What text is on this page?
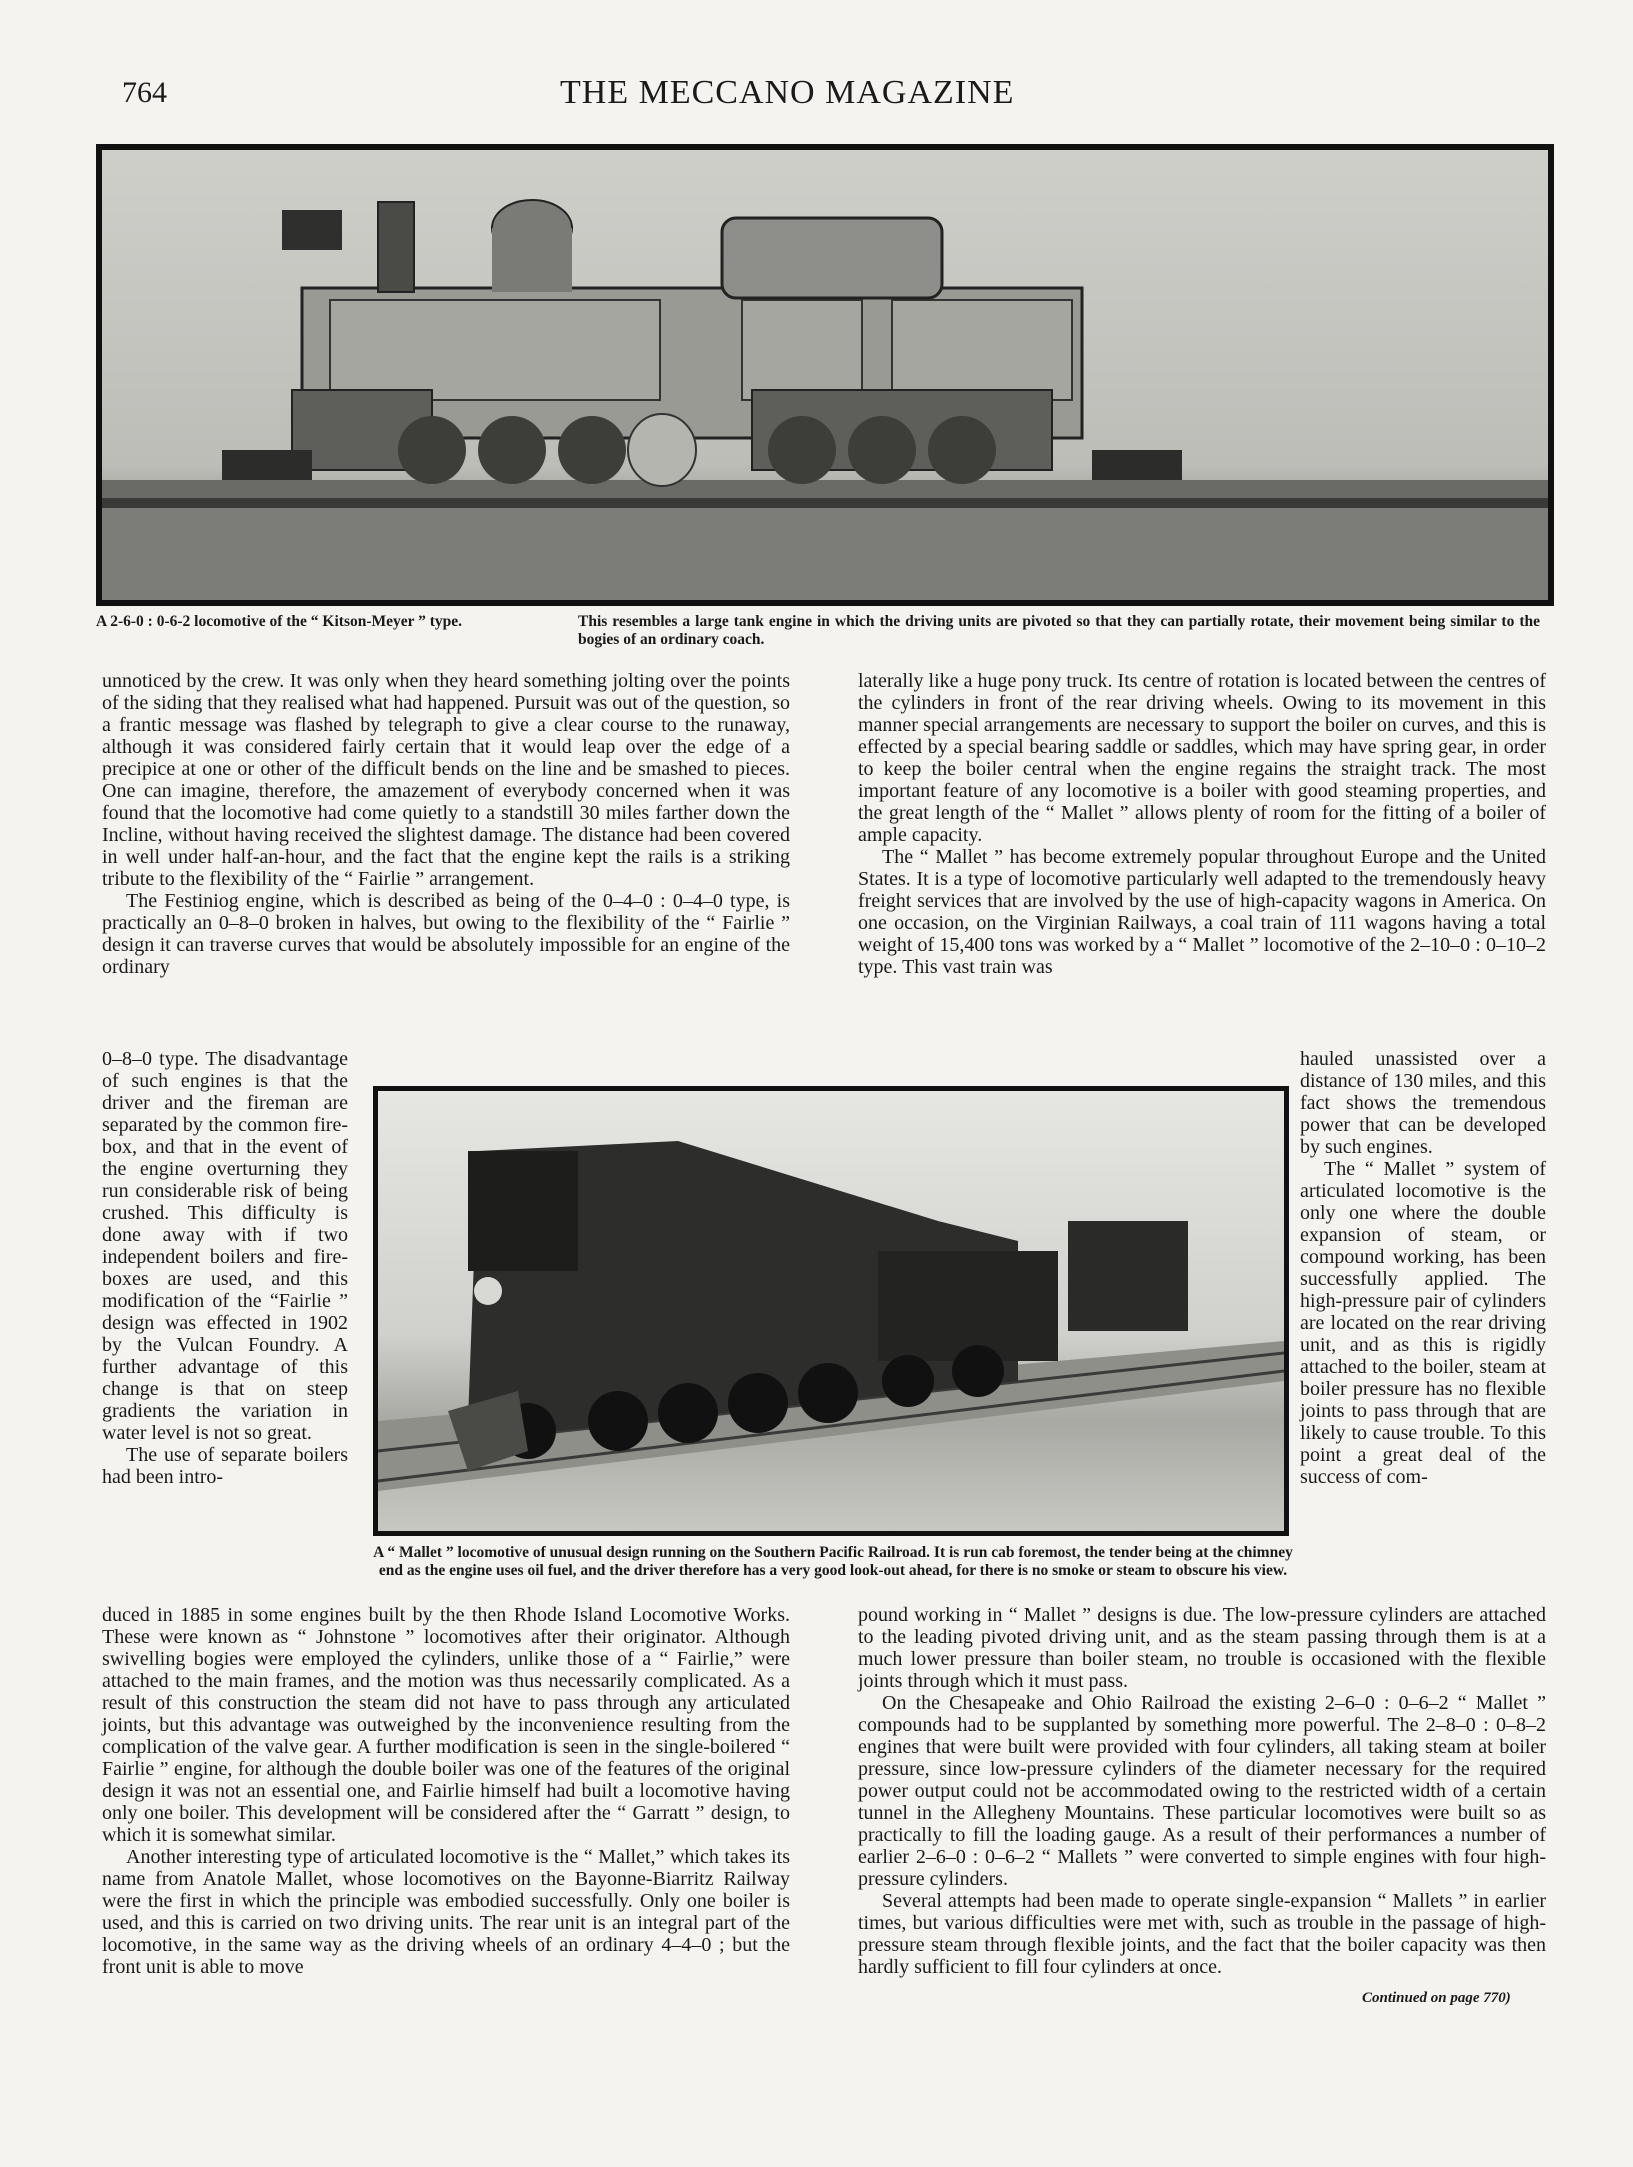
764	THE MECCANO MAGAZINE
A 2-6-0 : 0-6-2 locomotive of the “ Kitson-Meyer ” type.	This resembles a large tank engine in which the driving units are pivoted so that they can partially rotate, their movement being similar to the bogies of an ordinary coach.

unnoticed by the crew. It was only when they heard something jolting over the points of the siding that they realised what had happened. Pursuit was out of the question, so a frantic message was flashed by telegraph to give a clear course to the runaway, although it was considered fairly certain that it would leap over the edge of a precipice at one or other of the difficult bends on the line and be smashed to pieces. One can imagine, therefore, the amazement of everybody concerned when it was found that the locomotive had come quietly to a standstill 30 miles farther down the Incline, without having received the slightest damage. The distance had been covered in well under half-an-hour, and the fact that the engine kept the rails is a striking tribute to the flexibility of the “ Fairlie ” arrangement.

The Festiniog engine, which is described as being of the 0–4–0 : 0–4–0 type, is practically an 0–8–0 broken in halves, but owing to the flexibility of the “ Fairlie ” design it can traverse curves that would be absolutely impossible for an engine of the ordinary

0–8–0 type. The disadvantage of such engines is that the driver and the fireman are separated by the common fire-box, and that in the event of the engine overturning they run considerable risk of being crushed. This difficulty is done away with if two independent boilers and fire-boxes are used, and this modification of the “Fairlie ” design was effected in 1902 by the Vulcan Foundry. A further advantage of this change is that on steep gradients the variation in water level is not so great.

The use of separate boilers had been intro-

duced in 1885 in some engines built by the then Rhode Island Locomotive Works. These were known as “ Johnstone ” locomotives after their originator. Although swivelling bogies were employed the cylinders, unlike those of a “ Fairlie,” were attached to the main frames, and the motion was thus necessarily complicated. As a result of this construction the steam did not have to pass through any articulated joints, but this advantage was outweighed by the inconvenience resulting from the complication of the valve gear. A further modification is seen in the single-boilered “ Fairlie ” engine, for although the double boiler was one of the features of the original design it was not an essential one, and Fairlie himself had built a locomotive having only one boiler. This development will be considered after the “ Garratt ” design, to which it is somewhat similar.

Another interesting type of articulated locomotive is the “ Mallet,” which takes its name from Anatole Mallet, whose locomotives on the Bayonne-Biarritz Railway were the first in which the principle was embodied successfully. Only one boiler is used, and this is carried on two driving units. The rear unit is an integral part of the locomotive, in the same way as the driving wheels of an ordinary 4–4–0 ; but the front unit is able to move

A “ Mallet ” locomotive of unusual design running on the Southern Pacific Railroad. It is run cab foremost, the tender being at the chimney end as the engine uses oil fuel, and the driver therefore has a very good look-out ahead, for there is no smoke or steam to obscure his view.

laterally like a huge pony truck. Its centre of rotation is located between the centres of the cylinders in front of the rear driving wheels. Owing to its movement in this manner special arrangements are necessary to support the boiler on curves, and this is effected by a special bearing saddle or saddles, which may have spring gear, in order to keep the boiler central when the engine regains the straight track. The most important feature of any locomotive is a boiler with good steaming properties, and the great length of the “ Mallet ” allows plenty of room for the fitting of a boiler of ample capacity.

The “ Mallet ” has become extremely popular throughout Europe and the United States. It is a type of locomotive particularly well adapted to the tremendously heavy freight services that are involved by the use of high-capacity wagons in America. On one occasion, on the Virginian Railways, a coal train of 111 wagons having a total weight of 15,400 tons was worked by a “ Mallet ” locomotive of the 2–10–0 : 0–10–2 type. This vast train was

hauled unassisted over a distance of 130 miles, and this fact shows the tremendous power that can be developed by such engines.

The “ Mallet ” system of articulated locomotive is the only one where the double expansion of steam, or compound working, has been successfully applied. The high-pressure pair of cylinders are located on the rear driving unit, and as this is rigidly attached to the boiler, steam at boiler pressure has no flexible joints to pass through that are likely to cause trouble. To this point a great deal of the success of com-

pound working in “ Mallet ” designs is due. The low-pressure cylinders are attached to the leading pivoted driving unit, and as the steam passing through them is at a much lower pressure than boiler steam, no trouble is occasioned with the flexible joints through which it must pass.

On the Chesapeake and Ohio Railroad the existing 2–6–0 : 0–6–2 “ Mallet ” compounds had to be supplanted by something more powerful. The 2–8–0 : 0–8–2 engines that were built were provided with four cylinders, all taking steam at boiler pressure, since low-pressure cylinders of the diameter necessary for the required power output could not be accommodated owing to the restricted width of a certain tunnel in the Allegheny Mountains. These particular locomotives were built so as practically to fill the loading gauge. As a result of their performances a number of earlier 2–6–0 : 0–6–2 “ Mallets ” were converted to simple engines with four high-pressure cylinders.

Several attempts had been made to operate single-expansion “ Mallets ” in earlier times, but various difficulties were met with, such as trouble in the passage of high-pressure steam through flexible joints, and the fact that the boiler capacity was then hardly sufficient to fill four cylinders at once.

Continued on page 770)
